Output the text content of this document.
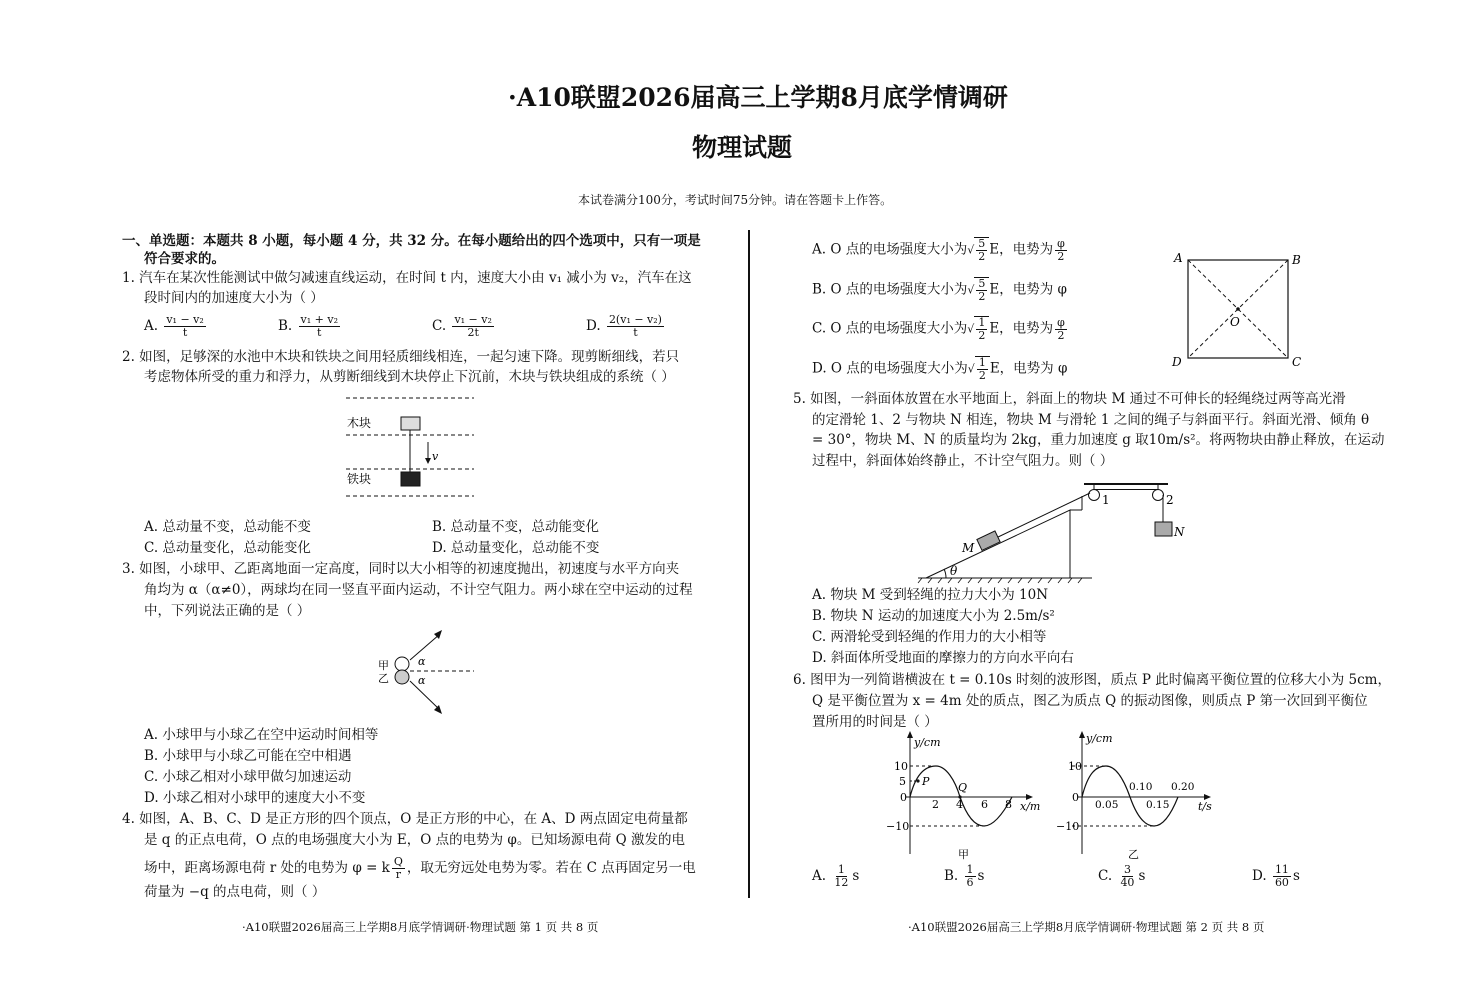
·A10联盟2026届高三上学期8月底学情调研
物理试题
本试卷满分100分，考试时间75分钟。请在答题卡上作答。
一、单选题：本题共 8 小题，每小题 4 分，共 32 分。在每小题给出的四个选项中，只有一项是
符合要求的。
1. 汽车在某次性能测试中做匀减速直线运动，在时间 t 内，速度大小由 v₁ 减小为 v₂，汽车在这
段时间内的加速度大小为（ ）
A. $\frac{\text{v₁ − v₂}}{t}$	B. $\frac{\text{v₁ + v₂}}{t}$	C. $\frac{\text{v₁ − v₂}}{2t}$	D. $\frac{\text{2(v₁ − v₂)}}{t}$
2. 如图，足够深的水池中木块和铁块之间用轻质细线相连，一起匀速下降。现剪断细线，若只
考虑物体所受的重力和浮力，从剪断细线到木块停止下沉前，木块与铁块组成的系统（ ）
木块
铁块
v
A. 总动量不变，总动能不变	B. 总动量不变，总动能变化
C. 总动量变化，总动能变化	D. 总动量变化，总动能不变
3. 如图，小球甲、乙距离地面一定高度，同时以大小相等的初速度抛出，初速度与水平方向夹
角均为 α（α≠0），两球均在同一竖直平面内运动，不计空气阻力。两小球在空中运动的过程
中，下列说法正确的是（ ）
甲
乙
α
α
A. 小球甲与小球乙在空中运动时间相等
B. 小球甲与小球乙可能在空中相遇
C. 小球乙相对小球甲做匀加速运动
D. 小球乙相对小球甲的速度大小不变
4. 如图，A、B、C、D 是正方形的四个顶点，O 是正方形的中心，在 A、D 两点固定电荷量都
是 q 的正点电荷，O 点的电场强度大小为 E，O 点的电势为 φ。已知场源电荷 Q 激发的电
场中，距离场源电荷 r 处的电势为 φ = k $\frac{Q}{r}$ ，取无穷远处电势为零。若在 C 点再固定另一电
荷量为 −q 的点电荷，则（ ）
A. O 点的电场强度大小为√ $\frac{5}{2}$ E，电势为 $\frac{\varphi}{2}$
B. O 点的电场强度大小为√ $\frac{5}{2}$ E，电势为 φ
C. O 点的电场强度大小为√ $\frac{1}{2}$ E，电势为 $\frac{\varphi}{2}$
D. O 点的电场强度大小为√ $\frac{1}{2}$ E，电势为 φ
A	B
C
D
O
5. 如图，一斜面体放置在水平地面上，斜面上的物块 M 通过不可伸长的轻绳绕过两等高光滑
的定滑轮 1、2 与物块 N 相连，物块 M 与滑轮 1 之间的绳子与斜面平行。斜面光滑、倾角 θ
= 30°，物块 M、N 的质量均为 2kg，重力加速度 g 取10m/s²。将两物块由静止释放，在运动
过程中，斜面体始终静止，不计空气阻力。则（ ）
θ
M
N
1	2
A. 物块 M 受到轻绳的拉力大小为 10N
B. 物块 N 运动的加速度大小为 2.5m/s²
C. 两滑轮受到轻绳的作用力的大小相等
D. 斜面体所受地面的摩擦力的方向水平向右
6. 图甲为一列简谐横波在 t = 0.10s 时刻的波形图，质点 P 此时偏离平衡位置的位移大小为 5cm，
Q 是平衡位置为 x = 4m 处的质点，图乙为质点 Q 的振动图像，则质点 P 第一次回到平衡位
置所用的时间是（ ）
y/cm
x/m
10
5
0
−10
2 4 6 8
P	Q
甲
y/cm
t/s
10
0
−10
0.05
0.10
0.15
0.20
乙
A. $\frac{1}{12}$ s	B. $\frac{1}{6}$ s	C. $\frac{3}{40}$ s	D. $\frac{11}{60}$ s
·A10联盟2026届高三上学期8月底学情调研·物理试题 第 1 页 共 8 页	·A10联盟2026届高三上学期8月底学情调研·物理试题 第 2 页 共 8 页
